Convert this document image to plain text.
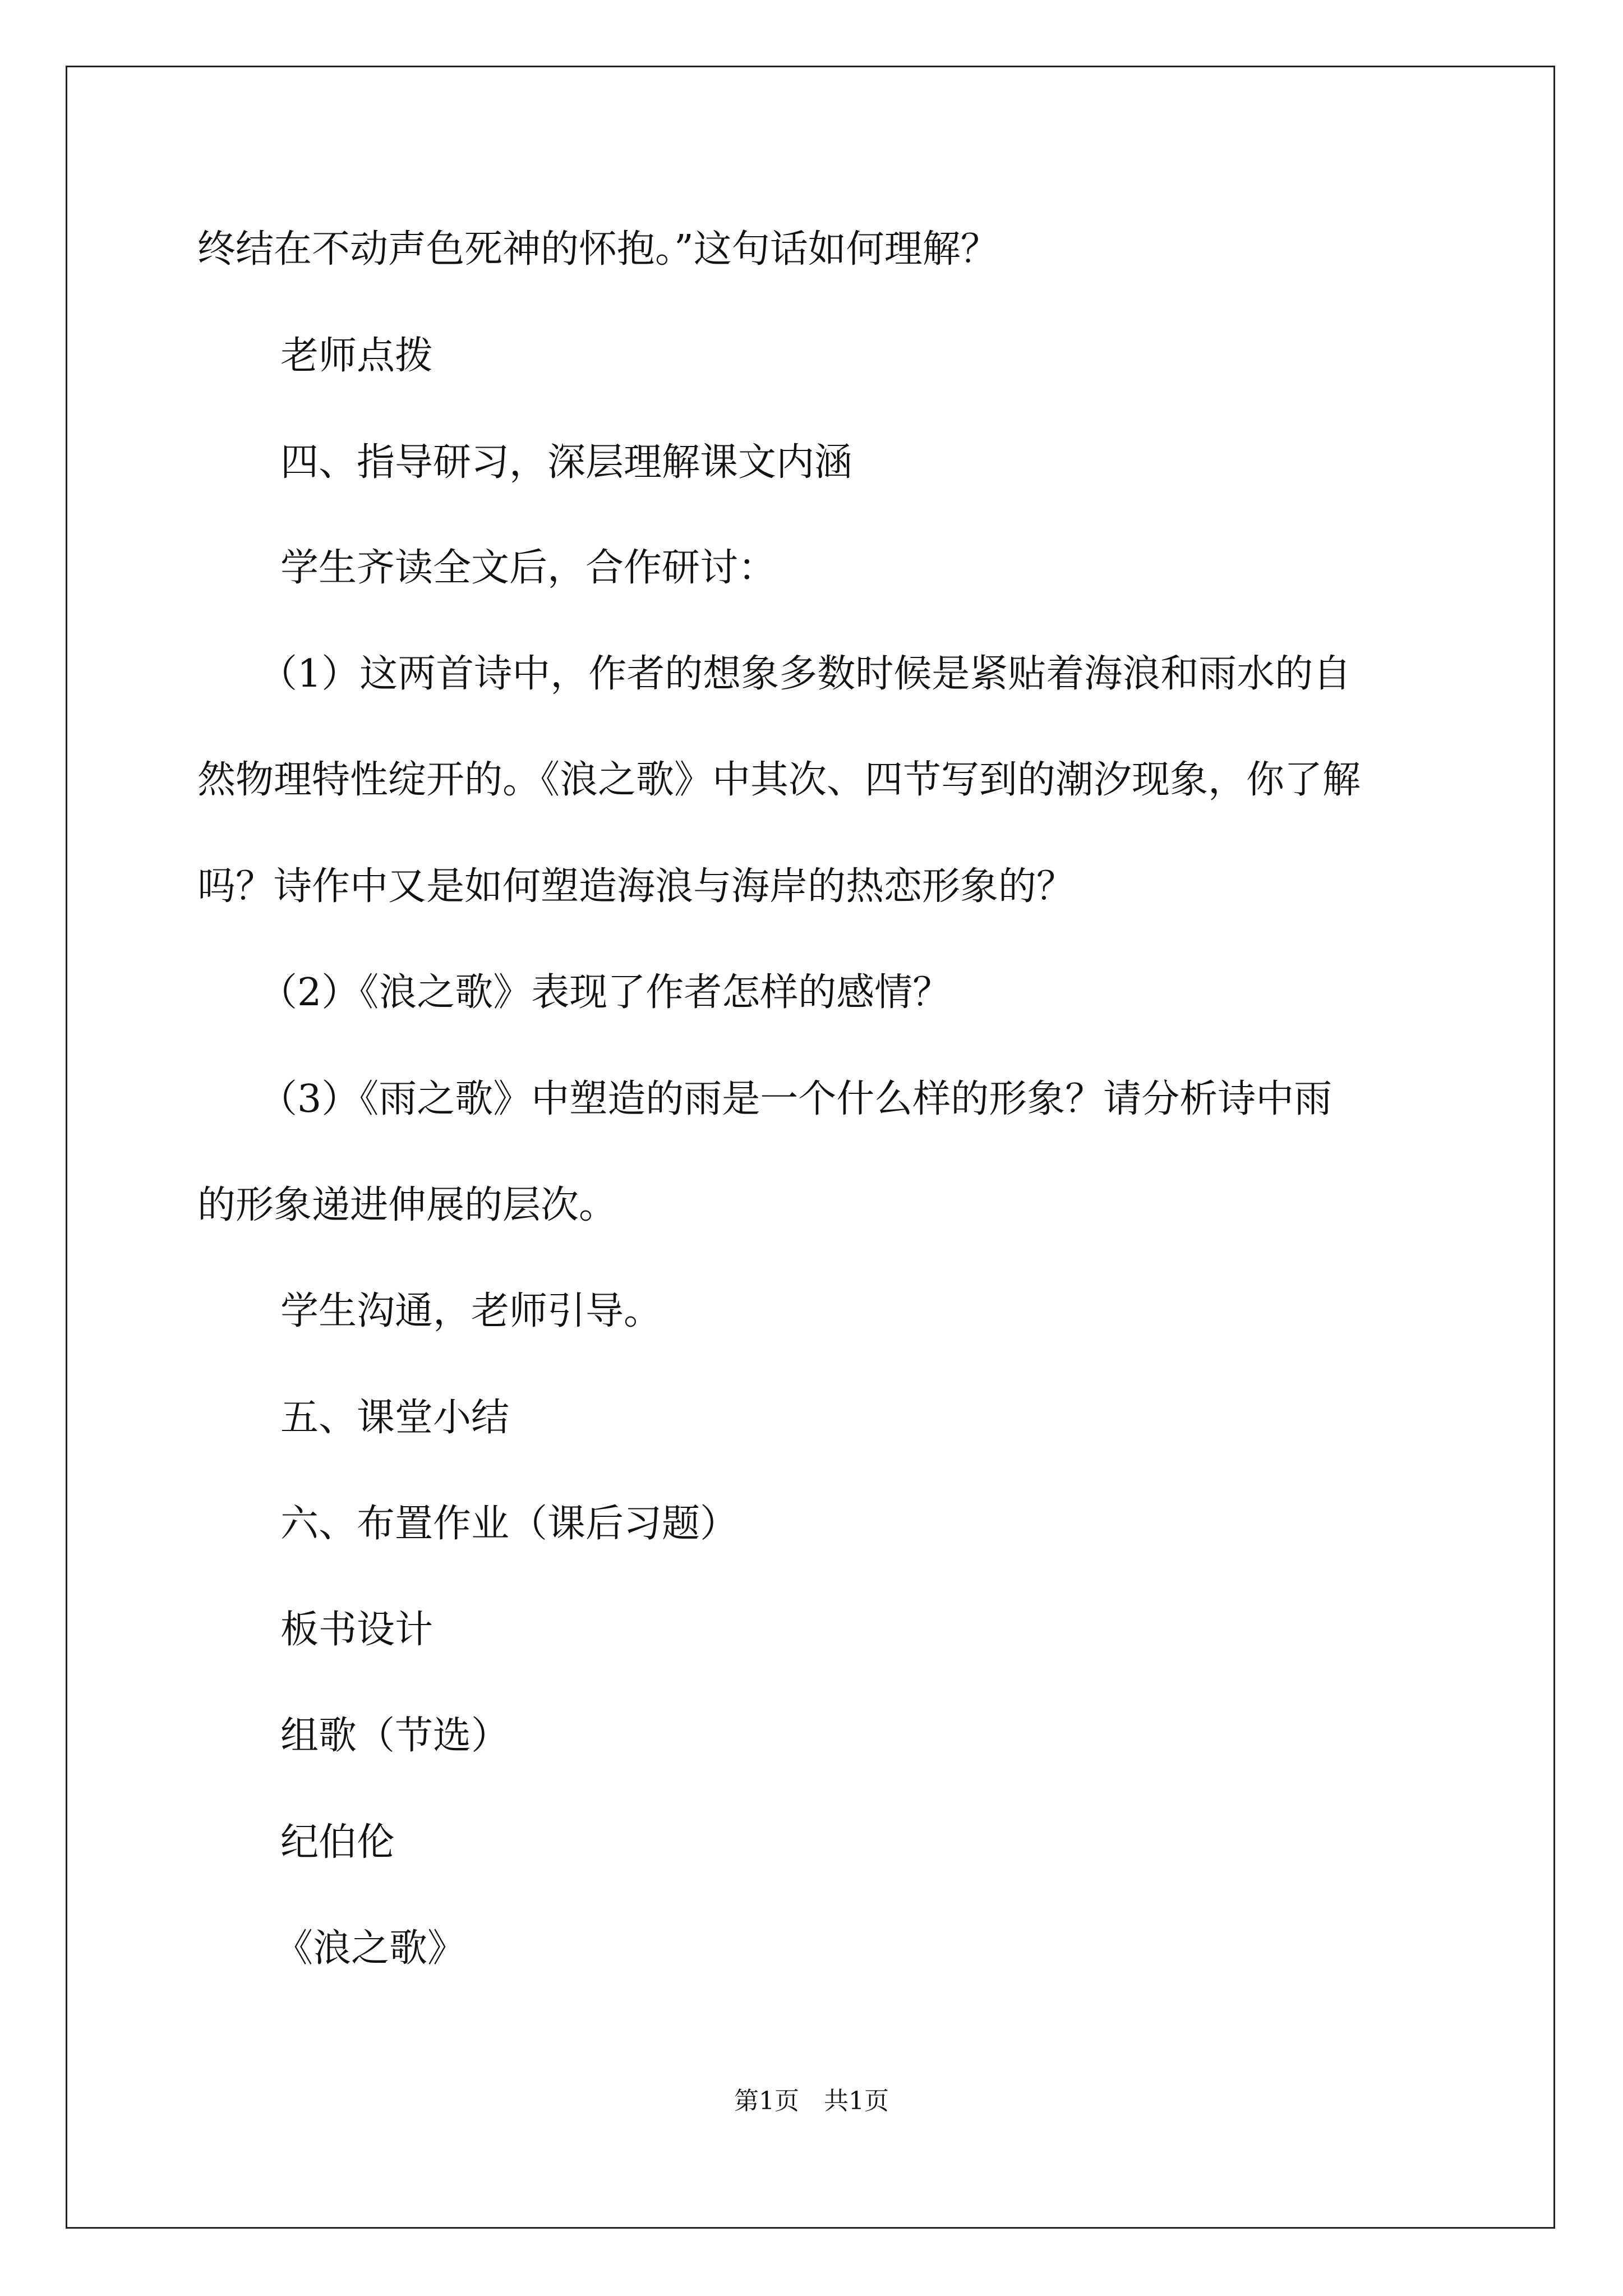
终结在不动声色死神的怀抱。”这句话如何理解？
老师点拨
四、指导研习，深层理解课文内涵
学生齐读全文后，合作研讨：
（1）这两首诗中，作者的想象多数时候是紧贴着海浪和雨水的自
然物理特性绽开的。《浪之歌》中其次、四节写到的潮汐现象，你了解
吗？诗作中又是如何塑造海浪与海岸的热恋形象的？
（2）《浪之歌》表现了作者怎样的感情？
（3）《雨之歌》中塑造的雨是一个什么样的形象？请分析诗中雨
的形象递进伸展的层次。
学生沟通，老师引导。
五、课堂小结
六、布置作业（课后习题）
板书设计
组歌（节选）
纪伯伦
《浪之歌》
第1页　共1页
